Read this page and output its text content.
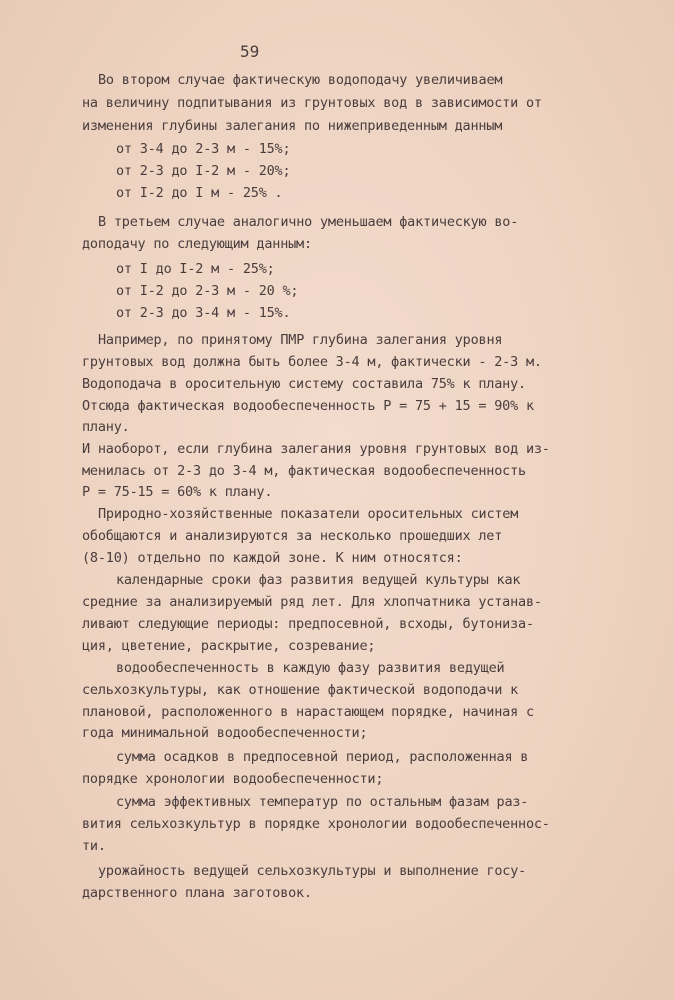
59
Во втором случае фактическую водоподачу увеличиваем
на величину подпитывания из грунтовых вод в зависимости от
изменения глубины залегания по нижеприведенным данным
от 3-4 до 2-3 м - 15%;
от 2-3 до I-2 м - 20%;
от I-2 до I м - 25% .
В третьем случае аналогично уменьшаем фактическую во-
доподачу по следующим данным:
от I до I-2 м - 25%;
от I-2 до 2-3 м - 20 %;
от 2-3 до 3-4 м - 15%.
Например, по принятому ПМР глубина залегания уровня
грунтовых вод должна быть более 3-4 м, фактически - 2-3 м.
Водоподача в оросительную систему составила 75% к плану.
Отсюда фактическая водообеспеченность Р = 75 + 15 = 90% к
плану.
И наоборот, если глубина залегания уровня грунтовых вод из-
менилась от 2-3 до 3-4 м, фактическая водообеспеченность
Р = 75-15 = 60% к плану.
Природно-хозяйственные показатели оросительных систем
обобщаются и анализируются за несколько прошедших лет
(8-10) отдельно по каждой зоне. К ним относятся:
календарные сроки фаз развития ведущей культуры как
средние за анализируемый ряд лет. Для хлопчатника устанав-
ливают следующие периоды: предпосевной, всходы, бутониза-
ция, цветение, раскрытие, созревание;
водообеспеченность в каждую фазу развития ведущей
сельхозкультуры, как отношение фактической водоподачи к
плановой, расположенного в нарастающем порядке, начиная с
года минимальной водообеспеченности;
сумма осадков в предпосевной период, расположенная в
порядке хронологии водообеспеченности;
сумма эффективных температур по остальным фазам раз-
вития сельхозкультур в порядке хронологии водообеспеченнос-
ти.
урожайность ведущей сельхозкультуры и выполнение госу-
дарственного плана заготовок.
